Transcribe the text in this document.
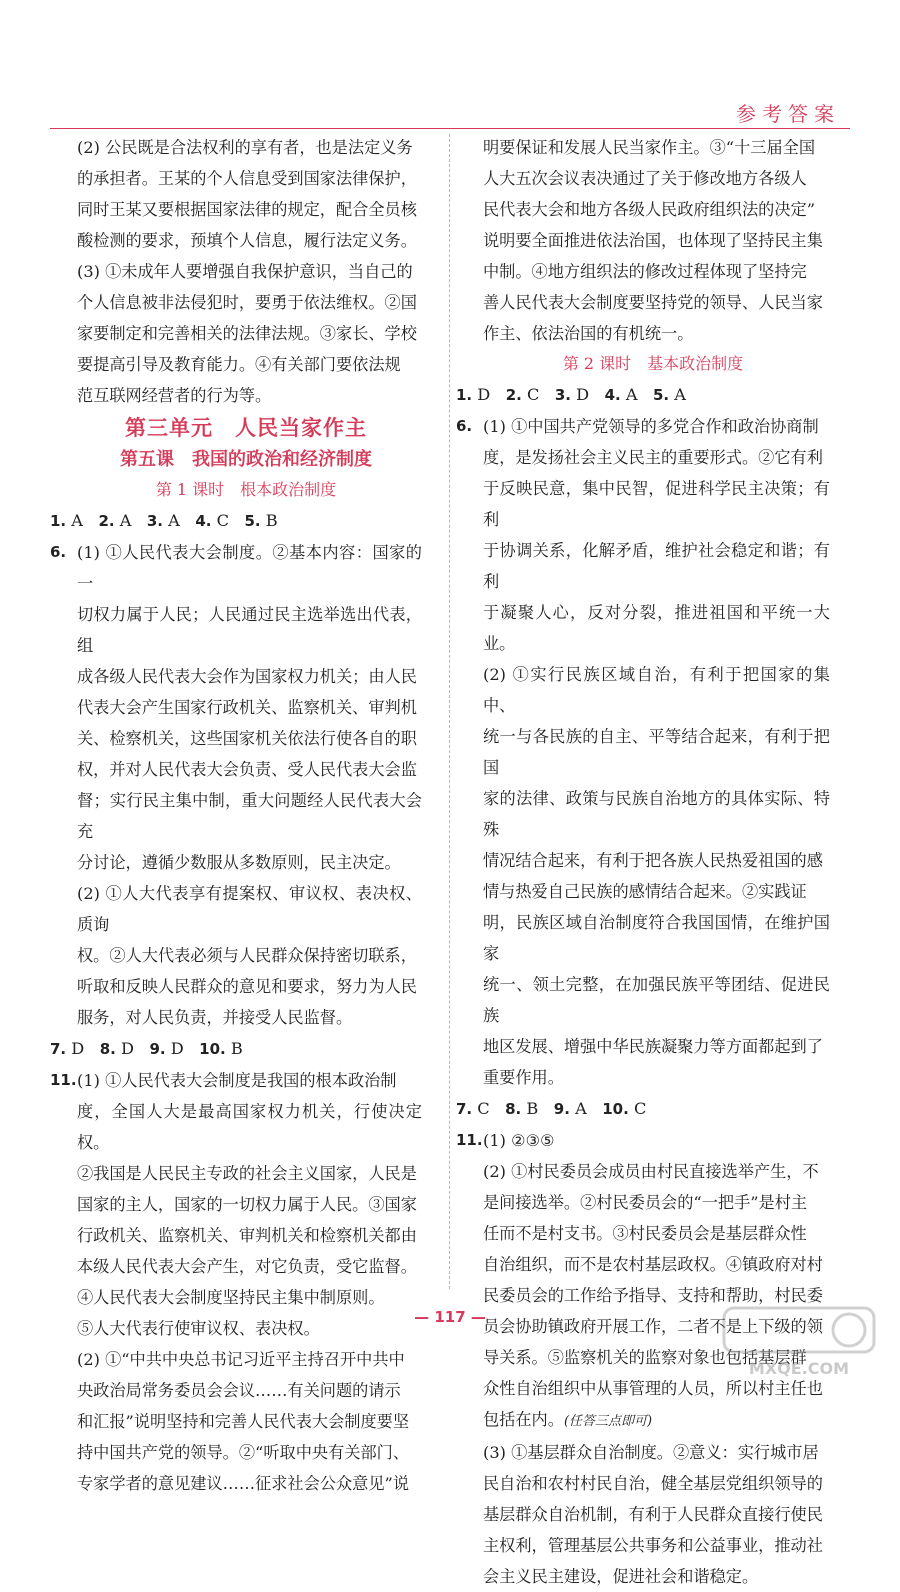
参考答案

(2) 公民既是合法权利的享有者，也是法定义务

的承担者。王某的个人信息受到国家法律保护，

同时王某又要根据国家法律的规定，配合全员核

酸检测的要求，预填个人信息，履行法定义务。

(3) ①未成年人要增强自我保护意识，当自己的

个人信息被非法侵犯时，要勇于依法维权。②国

家要制定和完善相关的法律法规。③家长、学校

要提高引导及教育能力。④有关部门要依法规

范互联网经营者的行为等。

第三单元　人民当家作主
第五课　我国的政治和经济制度
第 1 课时　根本政治制度
1. A 2. A 3. A 4. C 5. B
6. (1) ①人民代表大会制度。②基本内容：国家的一

切权力属于人民；人民通过民主选举选出代表，组

成各级人民代表大会作为国家权力机关；由人民

代表大会产生国家行政机关、监察机关、审判机

关、检察机关，这些国家机关依法行使各自的职

权，并对人民代表大会负责、受人民代表大会监

督；实行民主集中制，重大问题经人民代表大会充

分讨论，遵循少数服从多数原则，民主决定。

(2) ①人大代表享有提案权、审议权、表决权、质询

权。②人大代表必须与人民群众保持密切联系，

听取和反映人民群众的意见和要求，努力为人民

服务，对人民负责，并接受人民监督。

7. D 8. D 9. D 10. B
11. (1) ①人民代表大会制度是我国的根本政治制

度，全国人大是最高国家权力机关，行使决定权。

②我国是人民民主专政的社会主义国家，人民是

国家的主人，国家的一切权力属于人民。③国家

行政机关、监察机关、审判机关和检察机关都由

本级人民代表大会产生，对它负责，受它监督。

④人民代表大会制度坚持民主集中制原则。

⑤人大代表行使审议权、表决权。

(2) ①“中共中央总书记习近平主持召开中共中

央政治局常务委员会会议……有关问题的请示

和汇报”说明坚持和完善人民代表大会制度要坚

持中国共产党的领导。②“听取中央有关部门、

专家学者的意见建议……征求社会公众意见”说

明要保证和发展人民当家作主。③“十三届全国

人大五次会议表决通过了关于修改地方各级人

民代表大会和地方各级人民政府组织法的决定”

说明要全面推进依法治国，也体现了坚持民主集

中制。④地方组织法的修改过程体现了坚持完

善人民代表大会制度要坚持党的领导、人民当家

作主、依法治国的有机统一。

第 2 课时　基本政治制度
1. D 2. C 3. D 4. A 5. A
6. (1) ①中国共产党领导的多党合作和政治协商制

度，是发扬社会主义民主的重要形式。②它有利

于反映民意，集中民智，促进科学民主决策；有利

于协调关系，化解矛盾，维护社会稳定和谐；有利

于凝聚人心，反对分裂，推进祖国和平统一大业。

(2) ①实行民族区域自治，有利于把国家的集中、

统一与各民族的自主、平等结合起来，有利于把国

家的法律、政策与民族自治地方的具体实际、特殊

情况结合起来，有利于把各族人民热爱祖国的感

情与热爱自己民族的感情结合起来。②实践证

明，民族区域自治制度符合我国国情，在维护国家

统一、领土完整，在加强民族平等团结、促进民族

地区发展、增强中华民族凝聚力等方面都起到了

重要作用。

7. C 8. B 9. A 10. C
11. (1) ②③⑤

(2) ①村民委员会成员由村民直接选举产生，不

是间接选举。②村民委员会的“一把手”是村主

任而不是村支书。③村民委员会是基层群众性

自治组织，而不是农村基层政权。④镇政府对村

民委员会的工作给予指导、支持和帮助，村民委

员会协助镇政府开展工作，二者不是上下级的领

导关系。⑤监察机关的监察对象也包括基层群

众性自治组织中从事管理的人员，所以村主任也

包括在内。(任答三点即可)

(3) ①基层群众自治制度。②意义：实行城市居

民自治和农村村民自治，健全基层党组织领导的

基层群众自治机制，有利于人民群众直接行使民

主权利，管理基层公共事务和公益事业，推动社

会主义民主建设，促进社会和谐稳定。

— 117 —
MXQE.COM
